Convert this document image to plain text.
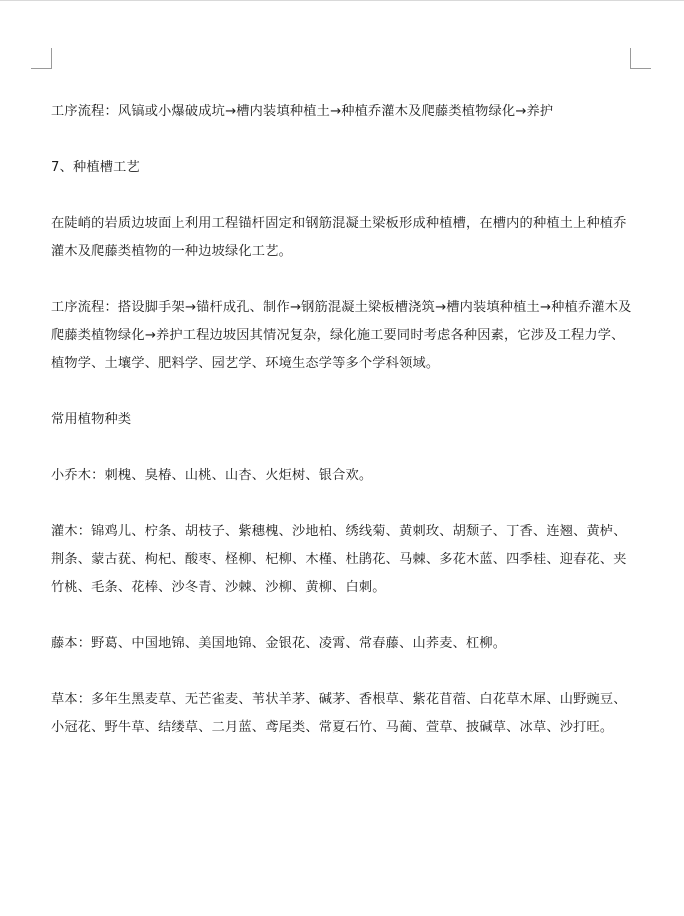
工序流程：风镐或小爆破成坑→槽内装填种植土→种植乔灌木及爬藤类植物绿化→养护

7、种植槽工艺

在陡峭的岩质边坡面上利用工程锚杆固定和钢筋混凝土梁板形成种植槽，在槽内的种植土上种植乔灌木及爬藤类植物的一种边坡绿化工艺。

工序流程：搭设脚手架→锚杆成孔、制作→钢筋混凝土梁板槽浇筑→槽内装填种植土→种植乔灌木及爬藤类植物绿化→养护工程边坡因其情况复杂，绿化施工要同时考虑各种因素，它涉及工程力学、植物学、土壤学、肥料学、园艺学、环境生态学等多个学科领域。

常用植物种类

小乔木：刺槐、臭椿、山桃、山杏、火炬树、银合欢。

灌木：锦鸡儿、柠条、胡枝子、紫穗槐、沙地柏、绣线菊、黄刺玫、胡颓子、丁香、连翘、黄栌、荆条、蒙古莸、枸杞、酸枣、柽柳、杞柳、木槿、杜鹃花、马棘、多花木蓝、四季桂、迎春花、夹竹桃、毛条、花棒、沙冬青、沙棘、沙柳、黄柳、白刺。

藤本：野葛、中国地锦、美国地锦、金银花、凌霄、常春藤、山荞麦、杠柳。

草本：多年生黑麦草、无芒雀麦、苇状羊茅、碱茅、香根草、紫花苜蓿、白花草木犀、山野豌豆、小冠花、野牛草、结缕草、二月蓝、鸢尾类、常夏石竹、马蔺、萱草、披碱草、冰草、沙打旺。
